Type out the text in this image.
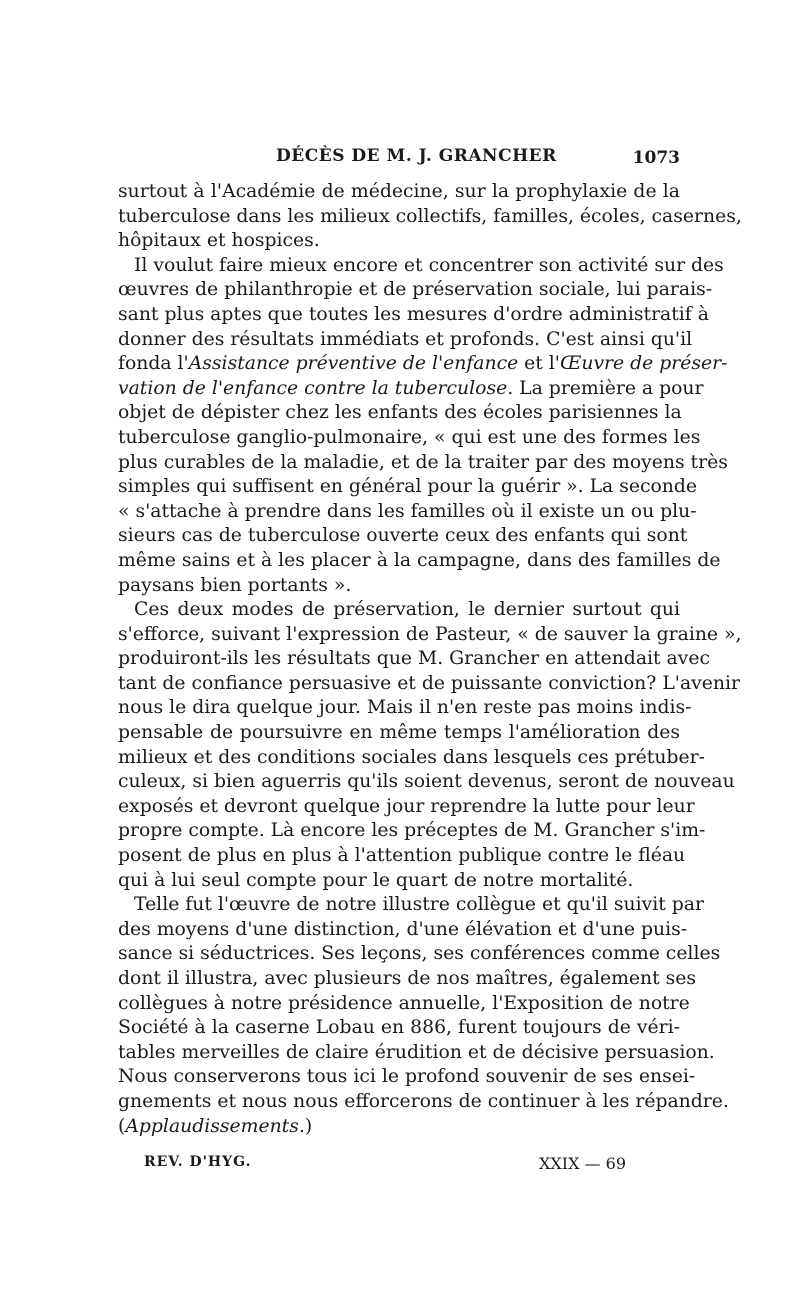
DÉCÈS DE M. J. GRANCHER	1073
surtout à l'Académie de médecine, sur la prophylaxie de la
tuberculose dans les milieux collectifs, familles, écoles, casernes,
hôpitaux et hospices.
Il voulut faire mieux encore et concentrer son activité sur des
œuvres de philanthropie et de préservation sociale, lui parais-
sant plus aptes que toutes les mesures d'ordre administratif à
donner des résultats immédiats et profonds. C'est ainsi qu'il
fonda l'Assistance préventive de l'enfance et l'Œuvre de préser-
vation de l'enfance contre la tuberculose. La première a pour
objet de dépister chez les enfants des écoles parisiennes la
tuberculose ganglio-pulmonaire, « qui est une des formes les
plus curables de la maladie, et de la traiter par des moyens très
simples qui suffisent en général pour la guérir ». La seconde
« s'attache à prendre dans les familles où il existe un ou plu-
sieurs cas de tuberculose ouverte ceux des enfants qui sont
même sains et à les placer à la campagne, dans des familles de
paysans bien portants ».
Ces deux modes de préservation, le dernier surtout qui
s'efforce, suivant l'expression de Pasteur, « de sauver la graine »,
produiront-ils les résultats que M. Grancher en attendait avec
tant de confiance persuasive et de puissante conviction? L'avenir
nous le dira quelque jour. Mais il n'en reste pas moins indis-
pensable de poursuivre en même temps l'amélioration des
milieux et des conditions sociales dans lesquels ces prétuber-
culeux, si bien aguerris qu'ils soient devenus, seront de nouveau
exposés et devront quelque jour reprendre la lutte pour leur
propre compte. Là encore les préceptes de M. Grancher s'im-
posent de plus en plus à l'attention publique contre le fléau
qui à lui seul compte pour le quart de notre mortalité.
Telle fut l'œuvre de notre illustre collègue et qu'il suivit par
des moyens d'une distinction, d'une élévation et d'une puis-
sance si séductrices. Ses leçons, ses conférences comme celles
dont il illustra, avec plusieurs de nos maîtres, également ses
collègues à notre présidence annuelle, l'Exposition de notre
Société à la caserne Lobau en 886, furent toujours de véri-
tables merveilles de claire érudition et de décisive persuasion.
Nous conserverons tous ici le profond souvenir de ses ensei-
gnements et nous nous efforcerons de continuer à les répandre.
(Applaudissements.)
REV. D'HYG.	XXIX — 69
